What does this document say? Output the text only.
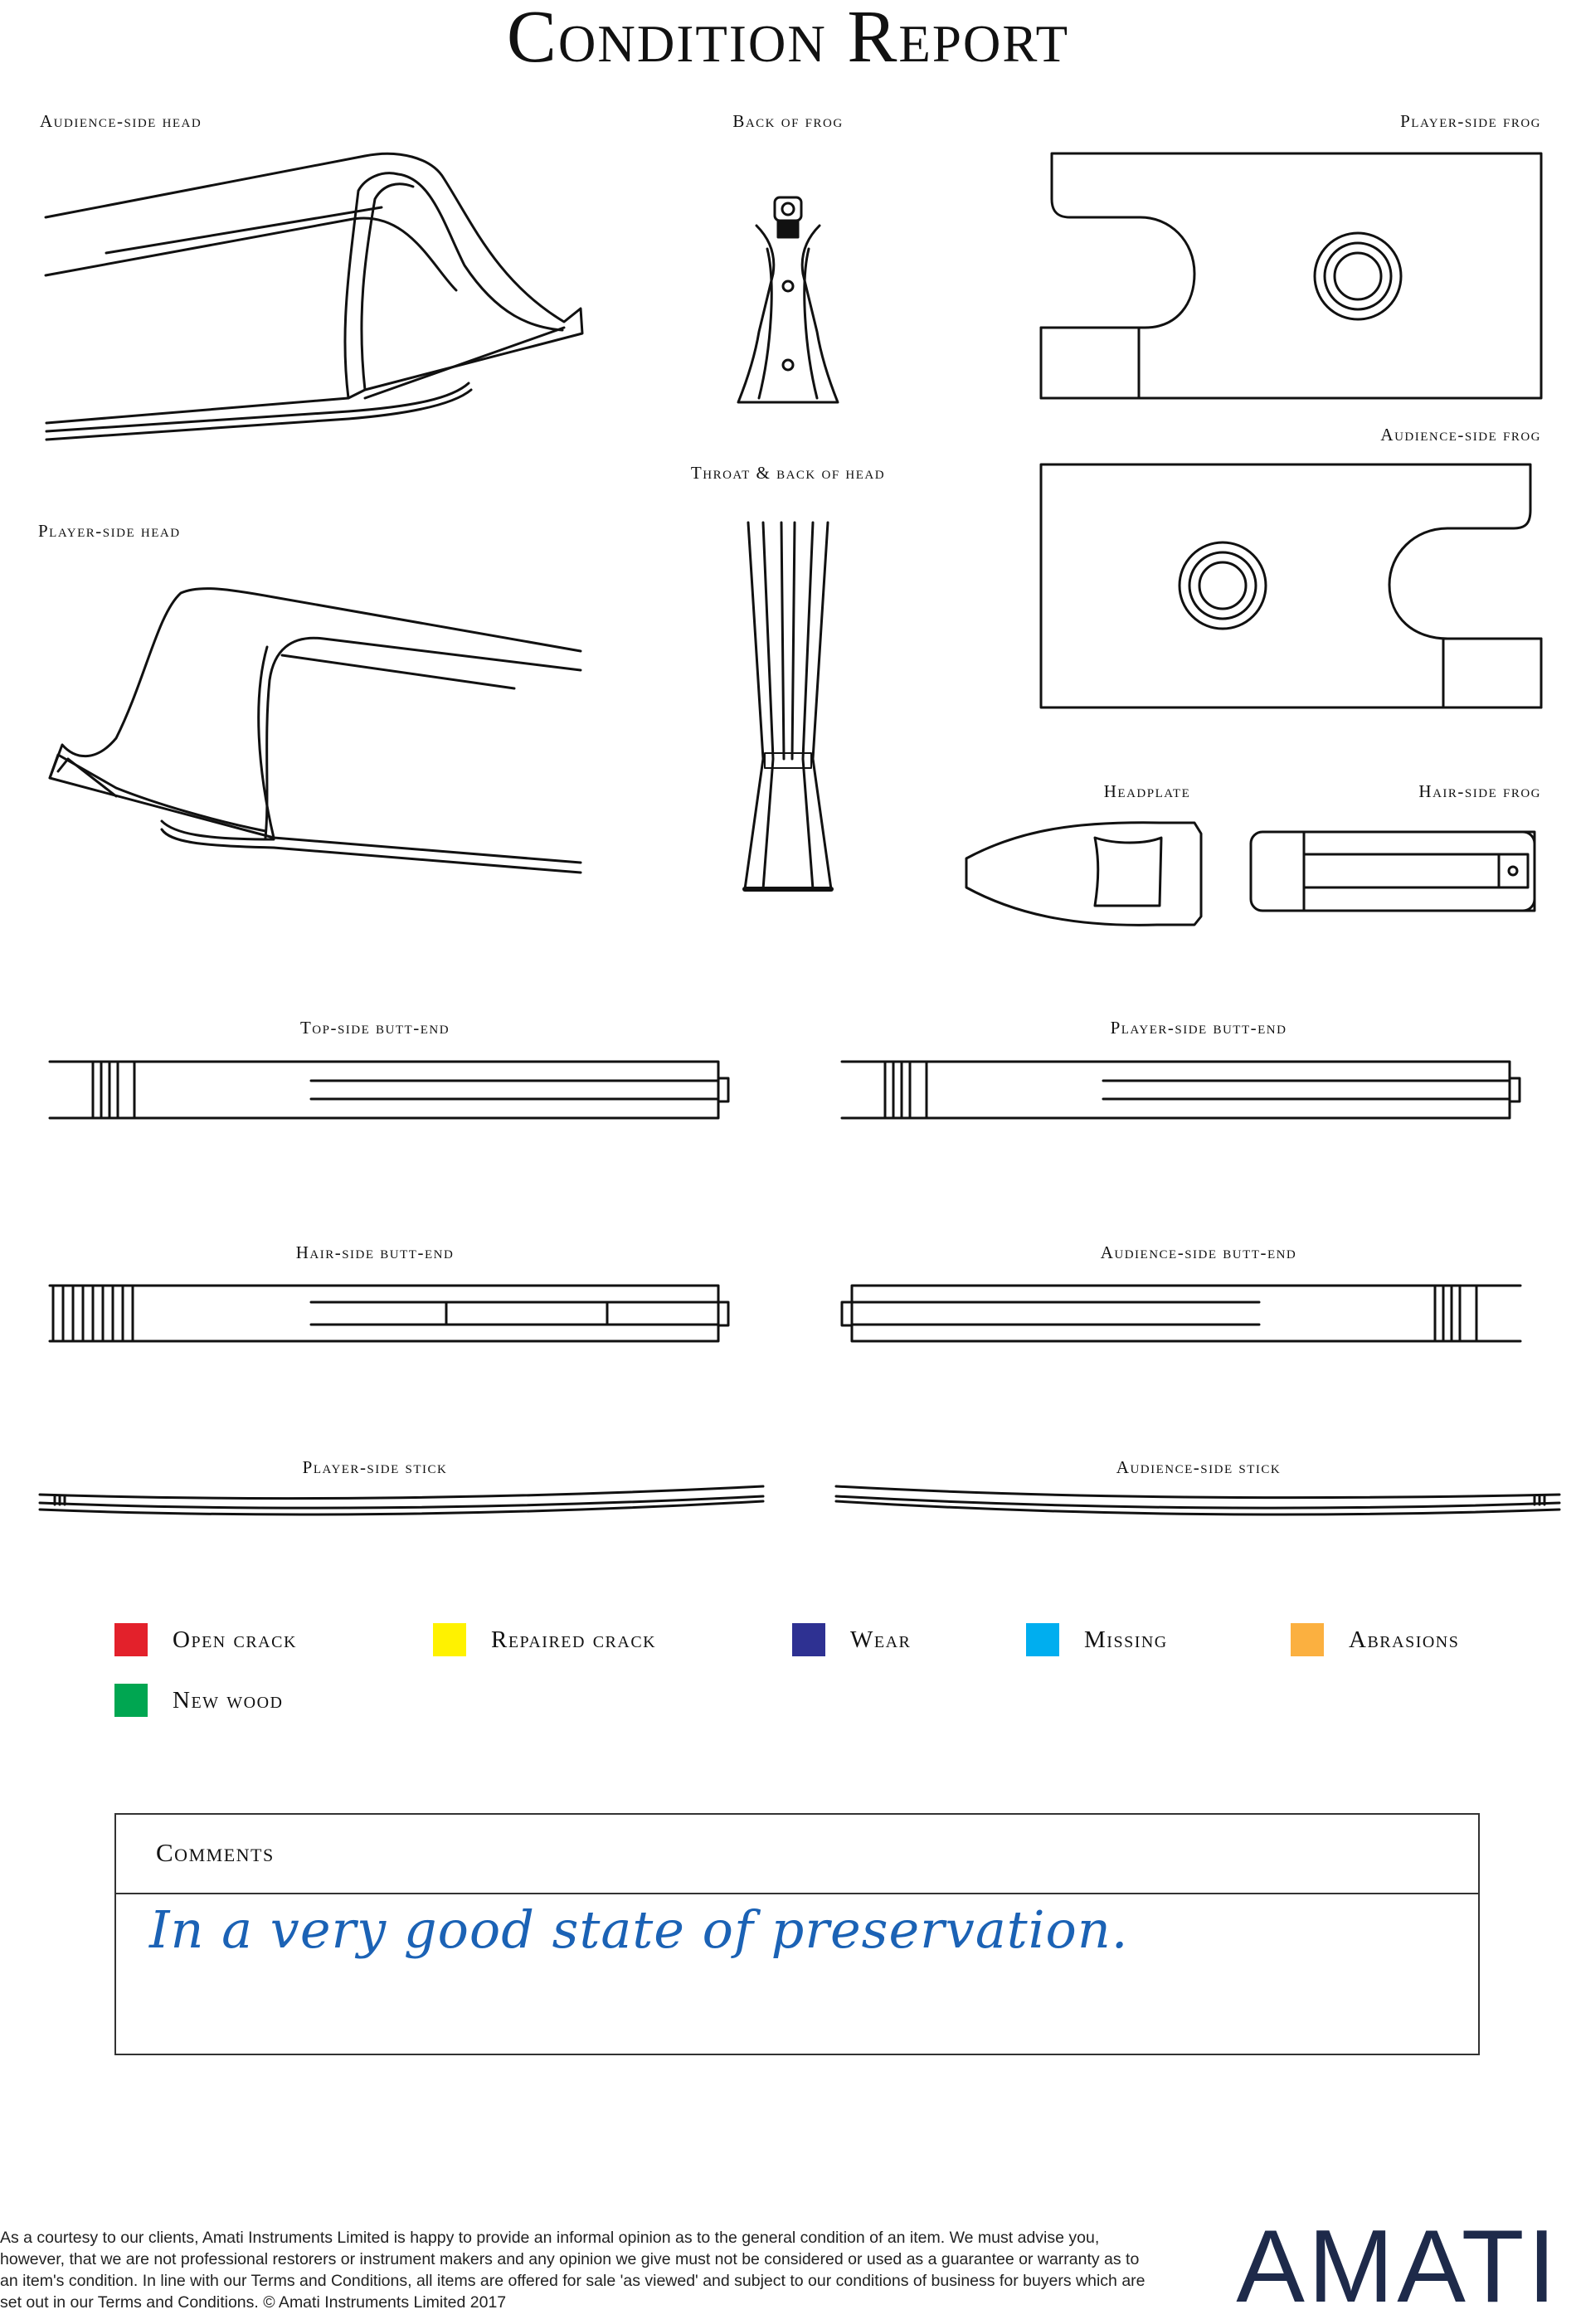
Condition Report
Audience-side head	Back of frog	Player-side frog
Audience-side frog
Throat & back of head
Player-side head
Headplate	Hair-side frog
Top-side butt-end	Player-side butt-end
Hair-side butt-end	Audience-side butt-end
Player-side stick	Audience-side stick
Open crack	Repaired crack	Wear	Missing	Abrasions
New wood
Comments
In a very good state of preservation.
As a courtesy to our clients, Amati Instruments Limited is happy to provide an informal opinion as to the general condition of an item. We must advise you, however, that we are not professional restorers or instrument makers and any opinion we give must not be considered or used as a guarantee or warranty as to an item's condition. In line with our Terms and Conditions, all items are offered for sale 'as viewed' and subject to our conditions of business for buyers which are set out in our Terms and Conditions. © Amati Instruments Limited 2017	AMATI
